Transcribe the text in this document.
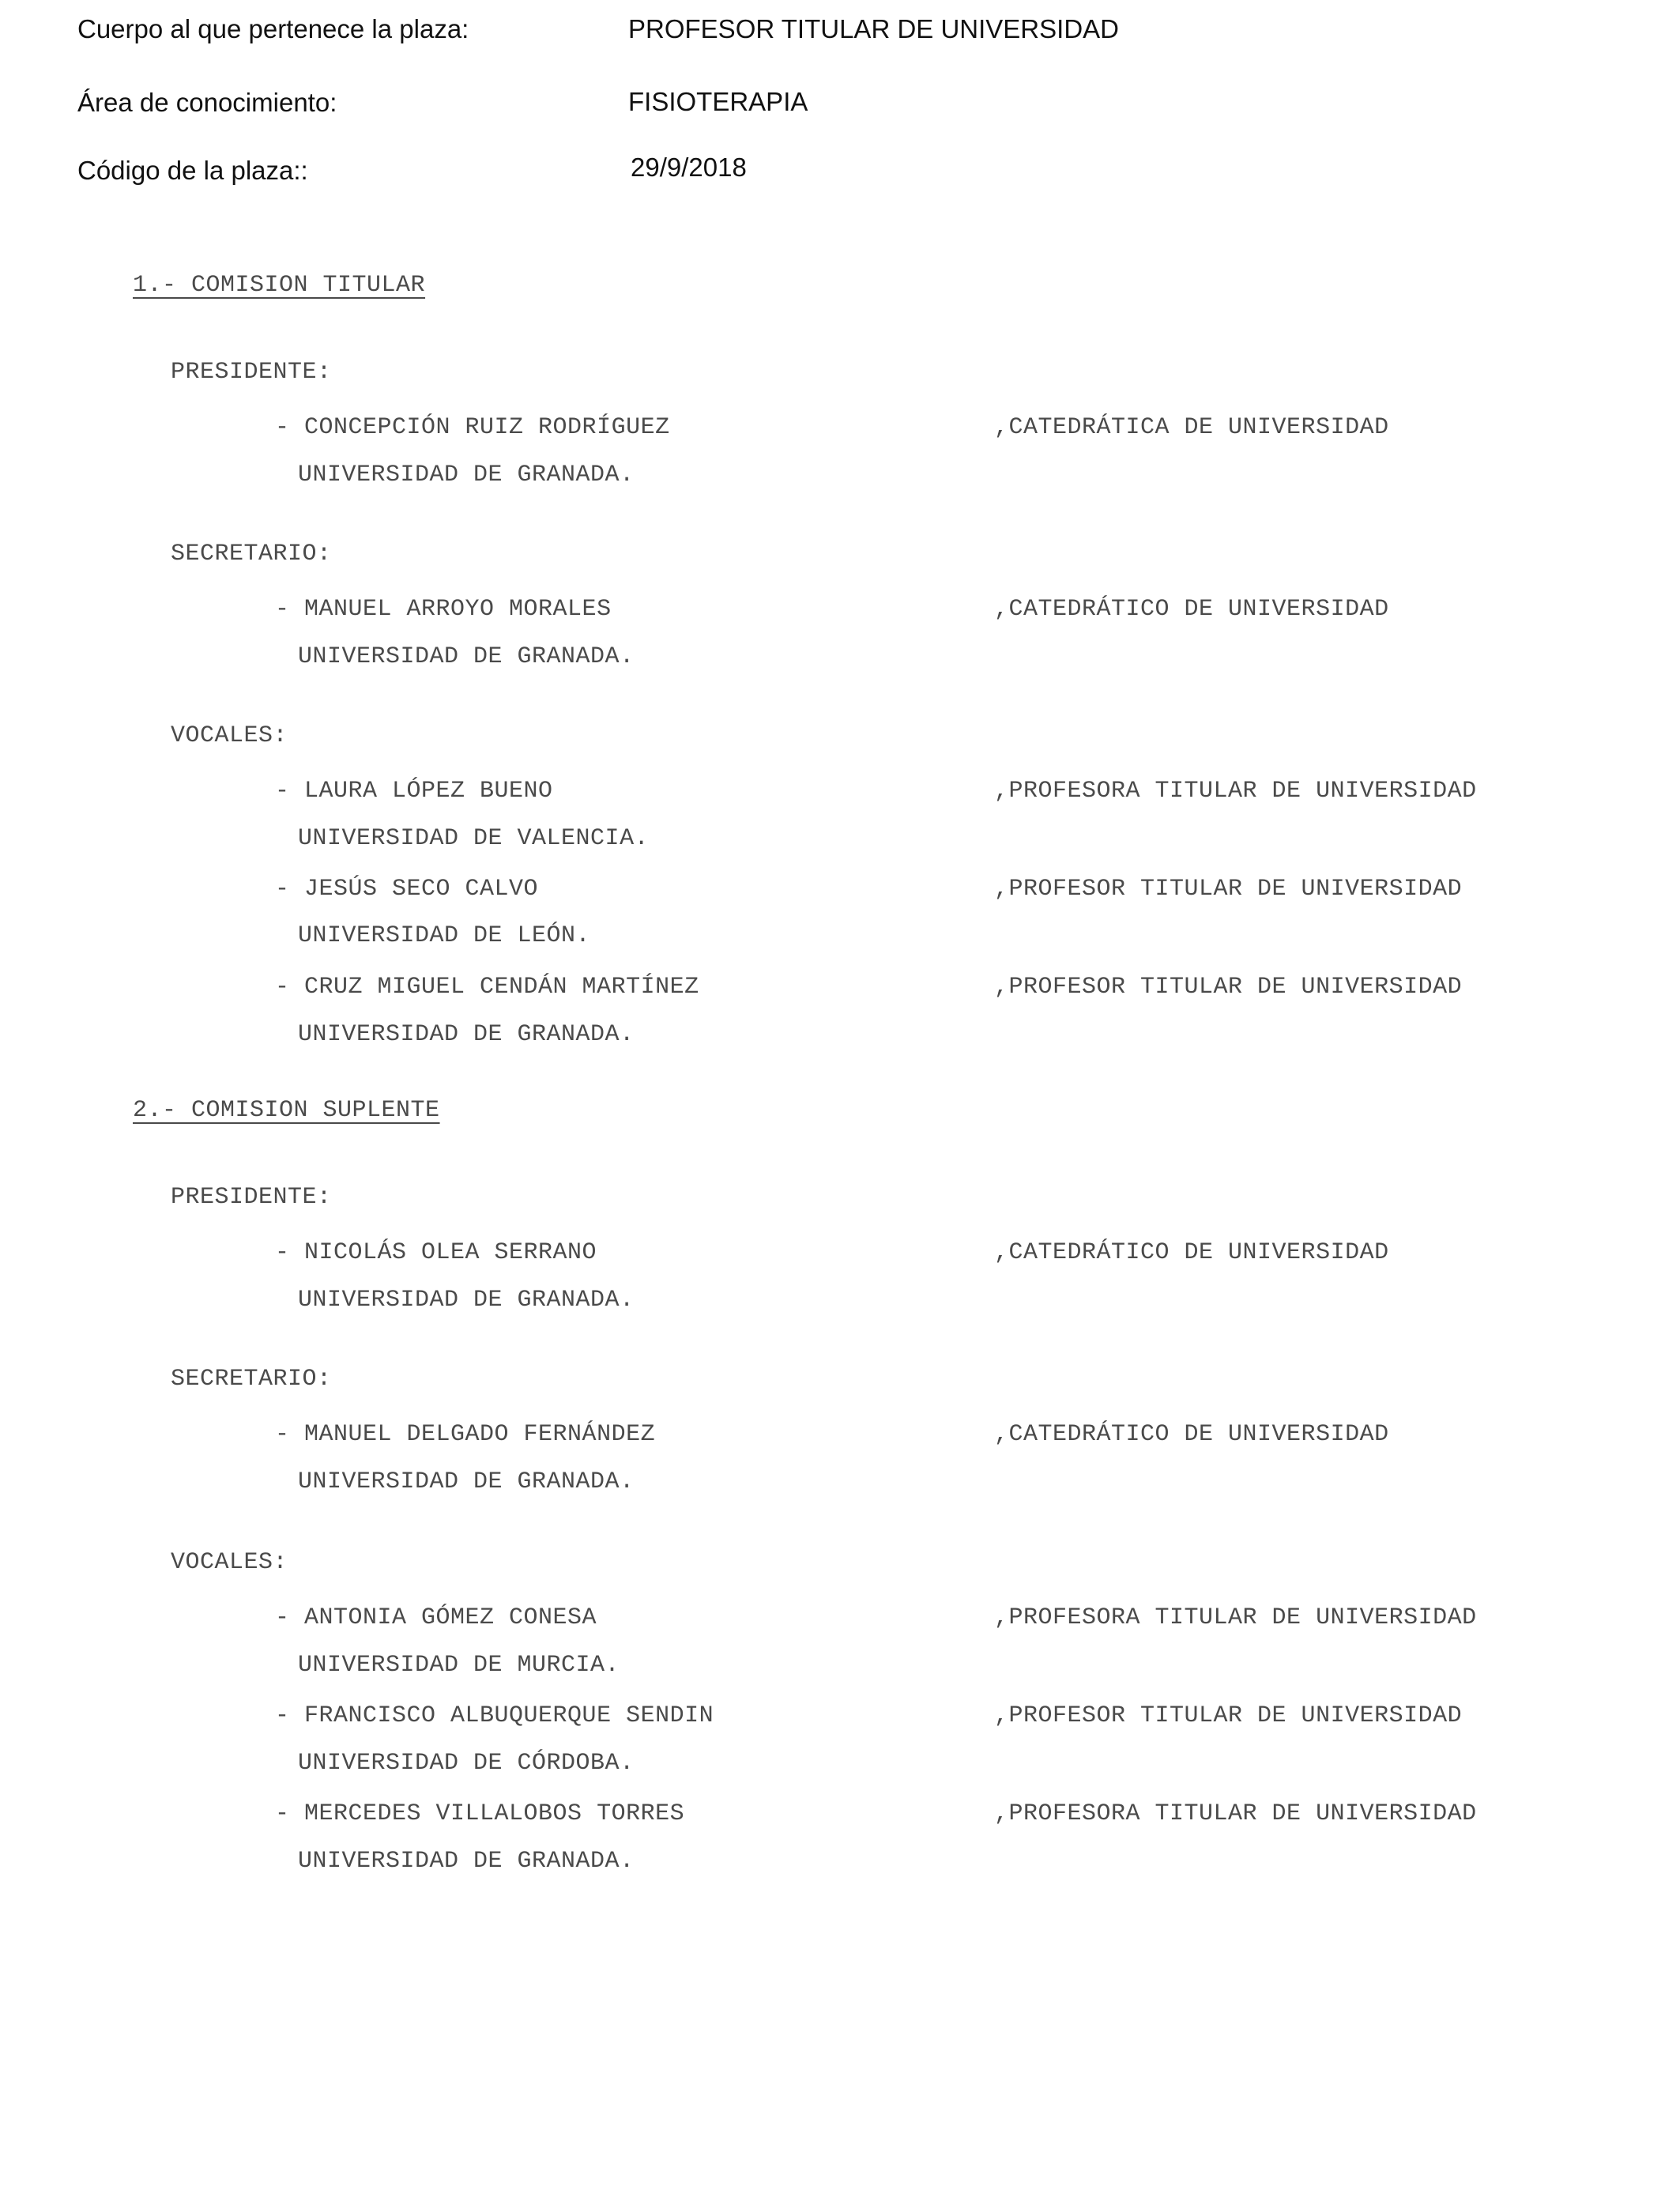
Cuerpo al que pertenece la plaza:	PROFESOR TITULAR DE UNIVERSIDAD
Área de conocimiento:	FISIOTERAPIA
Código de la plaza::	29/9/2018
1.- COMISION TITULAR
PRESIDENTE:
- CONCEPCIÓN RUIZ RODRÍGUEZ	,CATEDRÁTICA DE UNIVERSIDAD
UNIVERSIDAD DE GRANADA.
SECRETARIO:
- MANUEL ARROYO MORALES	,CATEDRÁTICO DE UNIVERSIDAD
UNIVERSIDAD DE GRANADA.
VOCALES:
- LAURA LÓPEZ BUENO	,PROFESORA TITULAR DE UNIVERSIDAD
UNIVERSIDAD DE VALENCIA.
- JESÚS SECO CALVO	,PROFESOR TITULAR DE UNIVERSIDAD
UNIVERSIDAD DE LEÓN.
- CRUZ MIGUEL CENDÁN MARTÍNEZ	,PROFESOR TITULAR DE UNIVERSIDAD
UNIVERSIDAD DE GRANADA.
2.- COMISION SUPLENTE
PRESIDENTE:
- NICOLÁS OLEA SERRANO	,CATEDRÁTICO DE UNIVERSIDAD
UNIVERSIDAD DE GRANADA.
SECRETARIO:
- MANUEL DELGADO FERNÁNDEZ	,CATEDRÁTICO DE UNIVERSIDAD
UNIVERSIDAD DE GRANADA.
VOCALES:
- ANTONIA GÓMEZ CONESA	,PROFESORA TITULAR DE UNIVERSIDAD
UNIVERSIDAD DE MURCIA.
- FRANCISCO ALBUQUERQUE SENDIN	,PROFESOR TITULAR DE UNIVERSIDAD
UNIVERSIDAD DE CÓRDOBA.
- MERCEDES VILLALOBOS TORRES	,PROFESORA TITULAR DE UNIVERSIDAD
UNIVERSIDAD DE GRANADA.
